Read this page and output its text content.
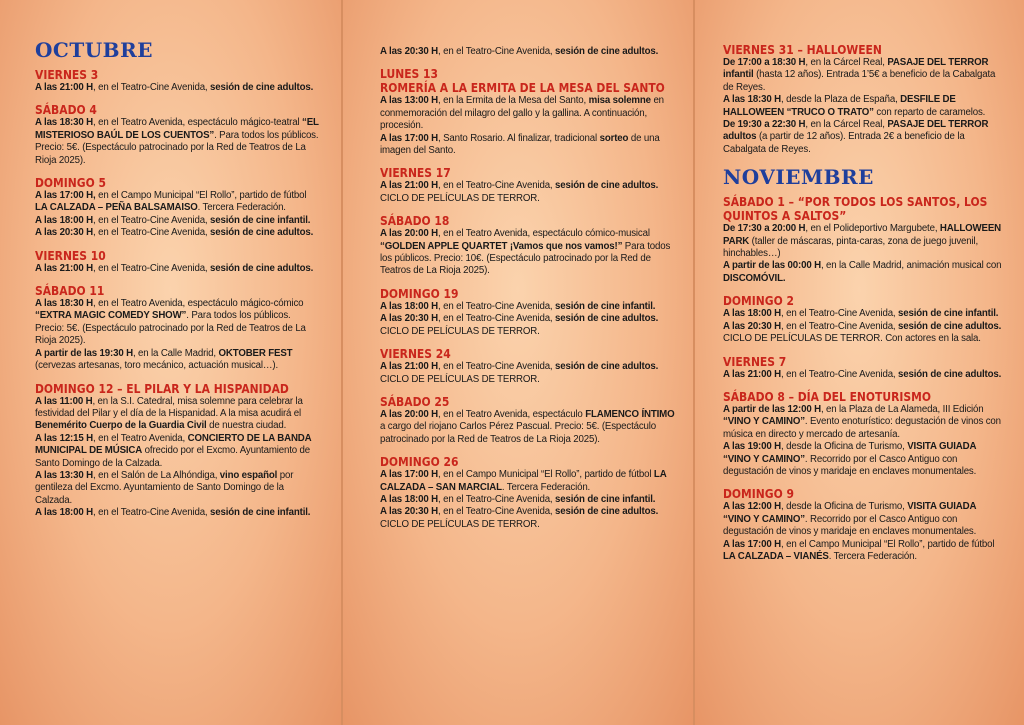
OCTUBRE
VIERNES 3
A las 21:00 H, en el Teatro-Cine Avenida, sesión de cine adultos.
SÁBADO 4
A las 18:30 H, en el Teatro Avenida, espectáculo mágico-teatral “EL MISTERIOSO BAÚL DE LOS CUENTOS”. Para todos los públicos. Precio: 5€. (Espectáculo patrocinado por la Red de Teatros de La Rioja 2025).
DOMINGO 5
A las 17:00 H, en el Campo Municipal “El Rollo”, partido de fútbol LA CALZADA – PEÑA BALSAMAISO. Tercera Federación.
A las 18:00 H, en el Teatro-Cine Avenida, sesión de cine infantil.
A las 20:30 H, en el Teatro-Cine Avenida, sesión de cine adultos.
VIERNES 10
A las 21:00 H, en el Teatro-Cine Avenida, sesión de cine adultos.
SÁBADO 11
A las 18:30 H, en el Teatro Avenida, espectáculo mágico-cómico “EXTRA MAGIC COMEDY SHOW”. Para todos los públicos. Precio: 5€. (Espectáculo patrocinado por la Red de Teatros de La Rioja 2025).
A partir de las 19:30 H, en la Calle Madrid, OKTOBER FEST (cervezas artesanas, toro mecánico, actuación musical…).
DOMINGO 12 – EL PILAR Y LA HISPANIDAD
A las 11:00 H, en la S.I. Catedral, misa solemne para celebrar la festividad del Pilar y el día de la Hispanidad. A la misa acudirá el Benemérito Cuerpo de la Guardia Civil de nuestra ciudad.
A las 12:15 H, en el Teatro Avenida, CONCIERTO DE LA BANDA MUNICIPAL DE MÚSICA ofrecido por el Excmo. Ayuntamiento de Santo Domingo de la Calzada.
A las 13:30 H, en el Salón de La Alhóndiga, vino español por gentileza del Excmo. Ayuntamiento de Santo Domingo de la Calzada.
A las 18:00 H, en el Teatro-Cine Avenida, sesión de cine infantil.
A las 20:30 H, en el Teatro-Cine Avenida, sesión de cine adultos.
LUNES 13
ROMERÍA A LA ERMITA DE LA MESA DEL SANTO
A las 13:00 H, en la Ermita de la Mesa del Santo, misa solemne en conmemoración del milagro del gallo y la gallina. A continuación, procesión.
A las 17:00 H, Santo Rosario. Al finalizar, tradicional sorteo de una imagen del Santo.
VIERNES 17
A las 21:00 H, en el Teatro-Cine Avenida, sesión de cine adultos. CICLO DE PELÍCULAS DE TERROR.
SÁBADO 18
A las 20:00 H, en el Teatro Avenida, espectáculo cómico-musical “GOLDEN APPLE QUARTET ¡Vamos que nos vamos!” Para todos los públicos. Precio: 10€. (Espectáculo patrocinado por la Red de Teatros de La Rioja 2025).
DOMINGO 19
A las 18:00 H, en el Teatro-Cine Avenida, sesión de cine infantil.
A las 20:30 H, en el Teatro-Cine Avenida, sesión de cine adultos. CICLO DE PELÍCULAS DE TERROR.
VIERNES 24
A las 21:00 H, en el Teatro-Cine Avenida, sesión de cine adultos. CICLO DE PELÍCULAS DE TERROR.
SÁBADO 25
A las 20:00 H, en el Teatro Avenida, espectáculo FLAMENCO ÍNTIMO a cargo del riojano Carlos Pérez Pascual. Precio: 5€. (Espectáculo patrocinado por la Red de Teatros de La Rioja 2025).
DOMINGO 26
A las 17:00 H, en el Campo Municipal “El Rollo”, partido de fútbol LA CALZADA – SAN MARCIAL. Tercera Federación.
A las 18:00 H, en el Teatro-Cine Avenida, sesión de cine infantil.
A las 20:30 H, en el Teatro-Cine Avenida, sesión de cine adultos. CICLO DE PELÍCULAS DE TERROR.
VIERNES 31 – HALLOWEEN
De 17:00 a 18:30 H, en la Cárcel Real, PASAJE DEL TERROR infantil (hasta 12 años). Entrada 1’5€ a beneficio de la Cabalgata de Reyes.
A las 18:30 H, desde la Plaza de España, DESFILE DE HALLOWEEN “TRUCO O TRATO” con reparto de caramelos.
De 19:30 a 22:30 H, en la Cárcel Real, PASAJE DEL TERROR adultos (a partir de 12 años). Entrada 2€ a beneficio de la Cabalgata de Reyes.
NOVIEMBRE
SÁBADO 1 – “POR TODOS LOS SANTOS, LOS QUINTOS A SALTOS”
De 17:30 a 20:00 H, en el Polideportivo Margubete, HALLOWEEN PARK (taller de máscaras, pinta-caras, zona de juego juvenil, hinchables…)
A partir de las 00:00 H, en la Calle Madrid, animación musical con DISCOMÓVIL.
DOMINGO 2
A las 18:00 H, en el Teatro-Cine Avenida, sesión de cine infantil.
A las 20:30 H, en el Teatro-Cine Avenida, sesión de cine adultos. CICLO DE PELÍCULAS DE TERROR. Con actores en la sala.
VIERNES 7
A las 21:00 H, en el Teatro-Cine Avenida, sesión de cine adultos.
SÁBADO 8 – DÍA DEL ENOTURISMO
A partir de las 12:00 H, en la Plaza de La Alameda, III Edición “VINO Y CAMINO”. Evento enoturístico: degustación de vinos con música en directo y mercado de artesanía.
A las 19:00 H, desde la Oficina de Turismo, VISITA GUIADA “VINO Y CAMINO”. Recorrido por el Casco Antiguo con degustación de vinos y maridaje en enclaves monumentales.
DOMINGO 9
A las 12:00 H, desde la Oficina de Turismo, VISITA GUIADA “VINO Y CAMINO”. Recorrido por el Casco Antiguo con degustación de vinos y maridaje en enclaves monumentales.
A las 17:00 H, en el Campo Municipal “El Rollo”, partido de fútbol LA CALZADA – VIANÉS. Tercera Federación.
